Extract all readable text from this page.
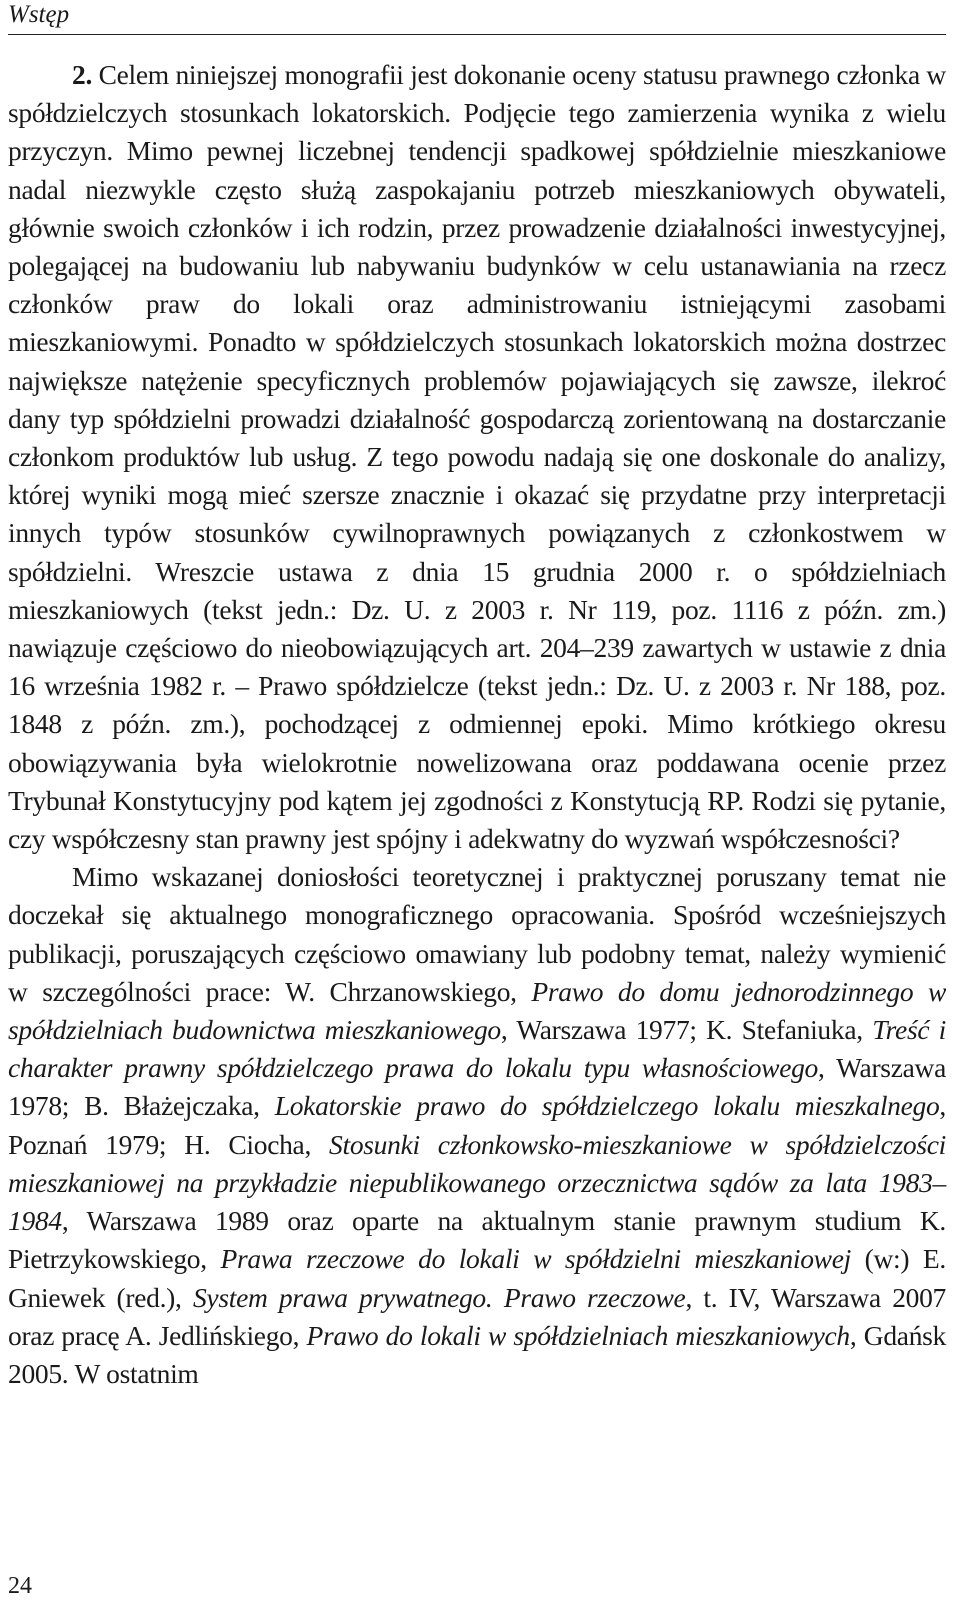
Wstęp

2. Celem niniejszej monografii jest dokonanie oceny statusu prawnego członka w spółdzielczych stosunkach lokatorskich. Podjęcie tego zamierzenia wynika z wielu przyczyn. Mimo pewnej liczebnej tendencji spadkowej spółdzielnie mieszkaniowe nadal niezwykle często służą zaspokajaniu potrzeb mieszkaniowych obywateli, głównie swoich członków i ich rodzin, przez prowadzenie działalności inwestycyjnej, polegającej na budowaniu lub nabywaniu budynków w celu ustanawiania na rzecz członków praw do lokali oraz administrowaniu istniejącymi zasobami mieszkaniowymi. Ponadto w spółdzielczych stosunkach lokatorskich można dostrzec największe natężenie specyficznych problemów pojawiających się zawsze, ilekroć dany typ spółdzielni prowadzi działalność gospodarczą zorientowaną na dostarczanie członkom produktów lub usług. Z tego powodu nadają się one doskonale do analizy, której wyniki mogą mieć szersze znacznie i okazać się przydatne przy interpretacji innych typów stosunków cywilnoprawnych powiązanych z członkostwem w spółdzielni. Wreszcie ustawa z dnia 15 grudnia 2000 r. o spółdzielniach mieszkaniowych (tekst jedn.: Dz. U. z 2003 r. Nr 119, poz. 1116 z późn. zm.) nawiązuje częściowo do nieobowiązujących art. 204–239 zawartych w ustawie z dnia 16 września 1982 r. – Prawo spółdzielcze (tekst jedn.: Dz. U. z 2003 r. Nr 188, poz. 1848 z późn. zm.), pochodzącej z odmiennej epoki. Mimo krótkiego okresu obowiązywania była wielokrotnie nowelizowana oraz poddawana ocenie przez Trybunał Konstytucyjny pod kątem jej zgodności z Konstytucją RP. Rodzi się pytanie, czy współczesny stan prawny jest spójny i adekwatny do wyzwań współczesności?

Mimo wskazanej doniosłości teoretycznej i praktycznej poruszany temat nie doczekał się aktualnego monograficznego opracowania. Spośród wcześniejszych publikacji, poruszających częściowo omawiany lub podobny temat, należy wymienić w szczególności prace: W. Chrzanowskiego, Prawo do domu jednorodzinnego w spółdzielniach budownictwa mieszkaniowego, Warszawa 1977; K. Stefaniuka, Treść i charakter prawny spółdzielczego prawa do lokalu typu własnościowego, Warszawa 1978; B. Błażejczaka, Lokatorskie prawo do spółdzielczego lokalu mieszkalnego, Poznań 1979; H. Ciocha, Stosunki członkowsko-mieszkaniowe w spółdzielczości mieszkaniowej na przykładzie niepublikowanego orzecznictwa sądów za lata 1983–1984, Warszawa 1989 oraz oparte na aktualnym stanie prawnym studium K. Pietrzykowskiego, Prawa rzeczowe do lokali w spółdzielni mieszkaniowej (w:) E. Gniewek (red.), System prawa prywatnego. Prawo rzeczowe, t. IV, Warszawa 2007 oraz pracę A. Jedlińskiego, Prawo do lokali w spółdzielniach mieszkaniowych, Gdańsk 2005. W ostatnim

24
